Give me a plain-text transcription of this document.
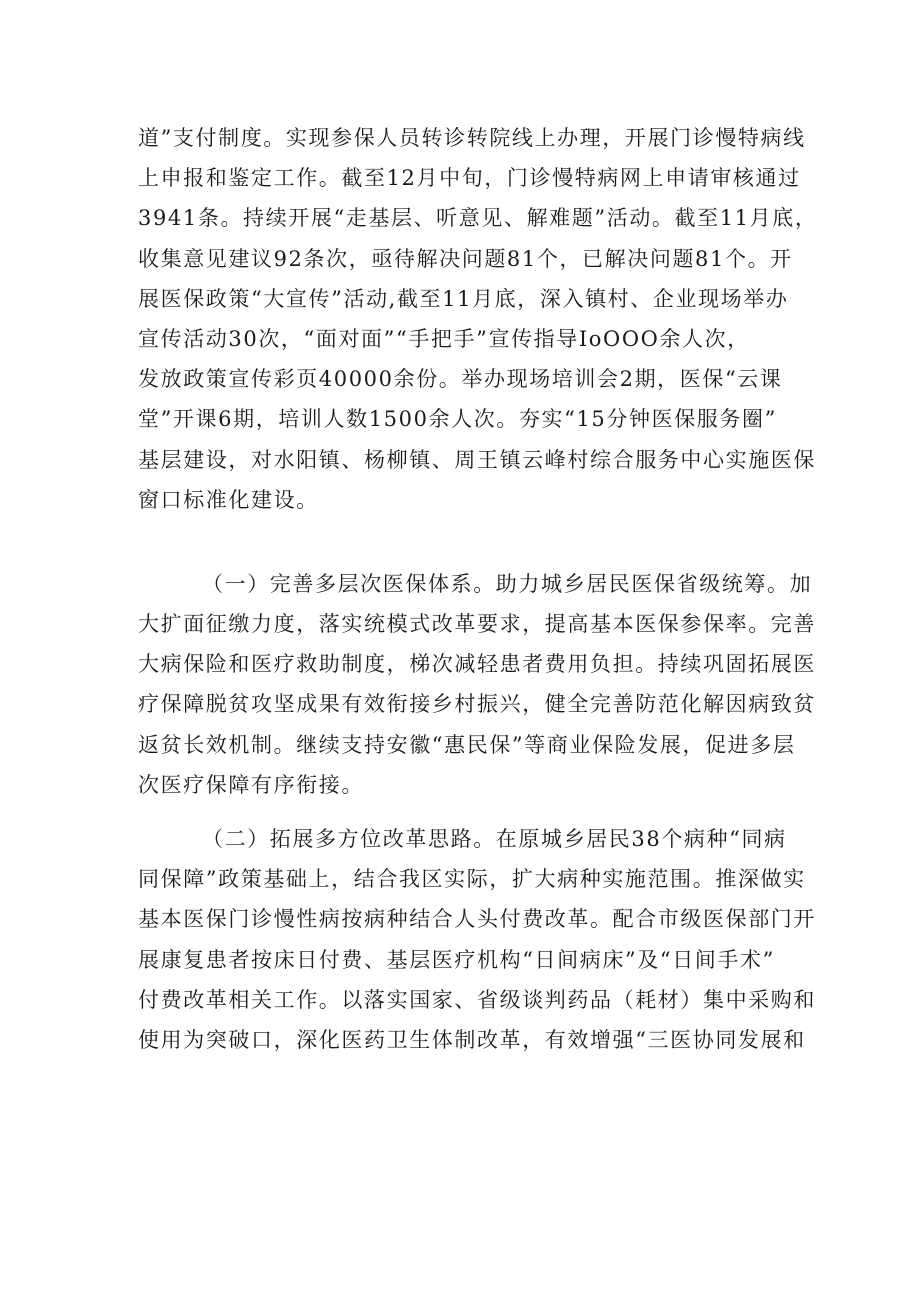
道”支付制度。实现参保人员转诊转院线上办理，开展门诊慢特病线
上申报和鉴定工作。截至12月中旬，门诊慢特病网上申请审核通过
3941条。持续开展“走基层、听意见、解难题”活动。截至11月底，
收集意见建议92条次，亟待解决问题81个，已解决问题81个。开
展医保政策“大宣传”活动,截至11月底，深入镇村、企业现场举办
宣传活动30次，“面对面”“手把手”宣传指导IoOOO余人次，
发放政策宣传彩页40000余份。举办现场培训会2期，医保“云课
堂”开课6期，培训人数1500余人次。夯实“15分钟医保服务圈”
基层建设，对水阳镇、杨柳镇、周王镇云峰村综合服务中心实施医保
窗口标准化建设。
（一）完善多层次医保体系。助力城乡居民医保省级统筹。加
大扩面征缴力度，落实统模式改革要求，提高基本医保参保率。完善
大病保险和医疗救助制度，梯次减轻患者费用负担。持续巩固拓展医
疗保障脱贫攻坚成果有效衔接乡村振兴，健全完善防范化解因病致贫
返贫长效机制。继续支持安徽“惠民保”等商业保险发展，促进多层
次医疗保障有序衔接。
（二）拓展多方位改革思路。在原城乡居民38个病种“同病
同保障”政策基础上，结合我区实际，扩大病种实施范围。推深做实
基本医保门诊慢性病按病种结合人头付费改革。配合市级医保部门开
展康复患者按床日付费、基层医疗机构“日间病床”及“日间手术”
付费改革相关工作。以落实国家、省级谈判药品（耗材）集中采购和
使用为突破口，深化医药卫生体制改革，有效增强“三医协同发展和
